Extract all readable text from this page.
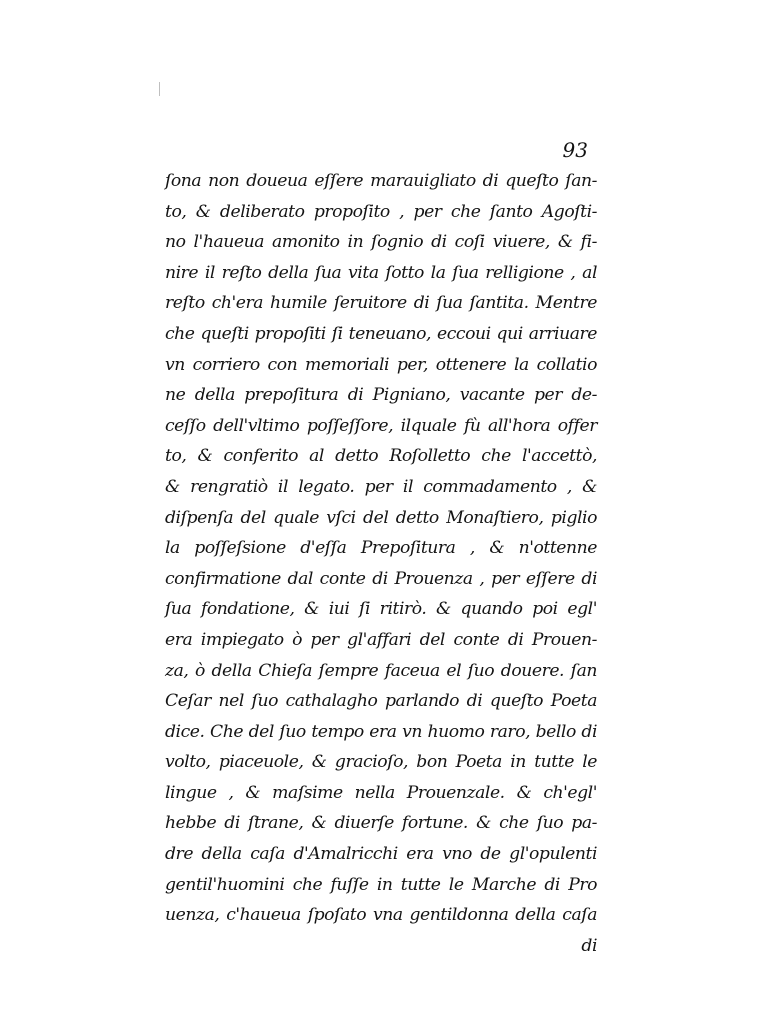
93
ſona non doueua eſſere marauigliato di queſto ſan-
to, & deliberato propoſito , per che ſanto Agoſti-
no l'haueua amonito in ſognio di coſi viuere, & fi-
nire il reſto della ſua vita ſotto la ſua relligione , al
reſto ch'era humile ſeruitore di ſua ſantita. Mentre
che queſti propoſiti ſi teneuano, eccoui qui arriuare
vn corriero con memoriali per, ottenere la collatio
ne della prepoſitura di Pigniano, vacante per de-
ceſſo dell'vltimo poſſeſſore, ilquale fù all'hora offer
to, & conferito al detto Roſolletto che l'accettò,
& rengratiò il legato. per il commadamento , &
diſpenſa del quale vſci del detto Monaſtiero, piglio
la poſſeſsione d'eſſa Prepoſitura , & n'ottenne
confirmatione dal conte di Prouenza , per eſſere di
ſua fondatione, & iui ſi ritirò. & quando poi egl'
era impiegato ò per gl'affari del conte di Prouen-
za, ò della Chieſa ſempre faceua el ſuo douere. ſan
Ceſar nel ſuo cathalagho parlando di queſto Poeta
dice. Che del ſuo tempo era vn huomo raro, bello di
volto, piaceuole, & gracioſo, bon Poeta in tutte le
lingue , & maſsime nella Prouenzale. & ch'egl'
hebbe di ſtrane, & diuerſe fortune. & che ſuo pa-
dre della caſa d'Amalricchi era vno de gl'opulenti
gentil'huomini che fuſſe in tutte le Marche di Pro
uenza, c'haueua ſpoſato vna gentildonna della caſa
di
